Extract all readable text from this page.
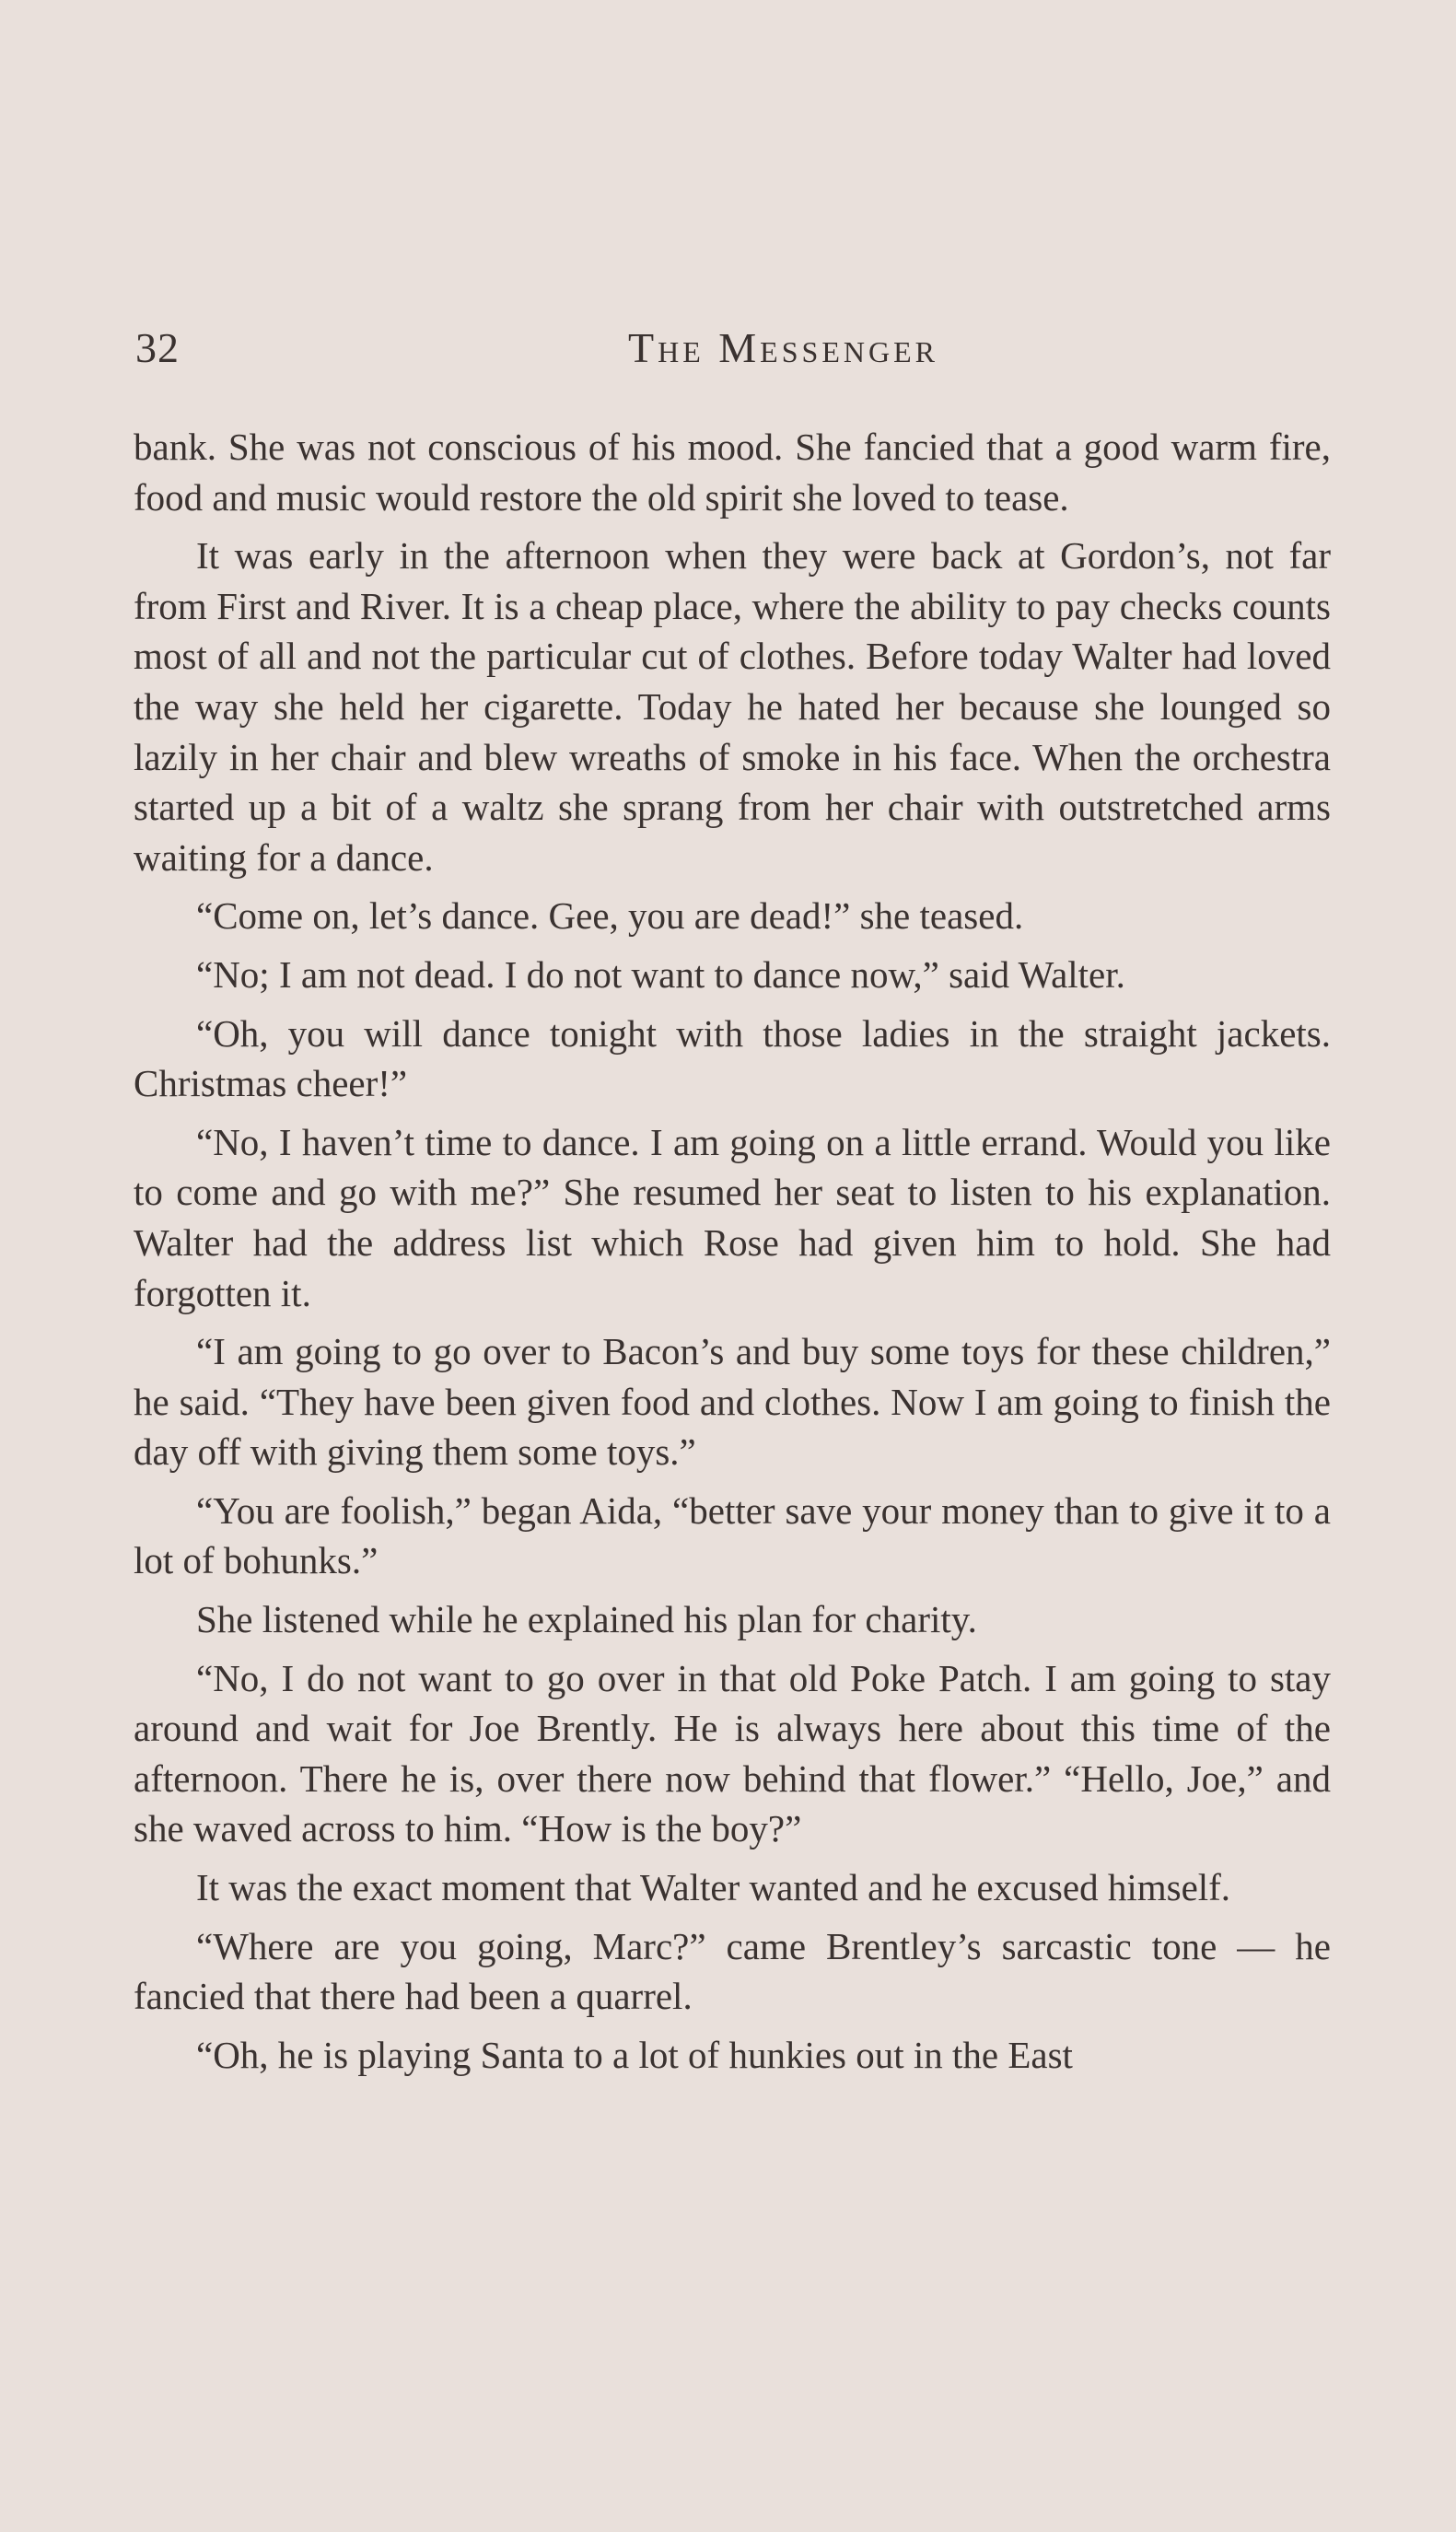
32	The Messenger

bank. She was not conscious of his mood. She fancied that a good warm fire, food and music would restore the old spirit she loved to tease.

It was early in the afternoon when they were back at Gordon’s, not far from First and River. It is a cheap place, where the ability to pay checks counts most of all and not the particular cut of clothes. Before today Walter had loved the way she held her cigarette. Today he hated her because she lounged so lazily in her chair and blew wreaths of smoke in his face. When the orchestra started up a bit of a waltz she sprang from her chair with outstretched arms waiting for a dance.

“Come on, let’s dance. Gee, you are dead!” she teased.

“No; I am not dead. I do not want to dance now,” said Walter.

“Oh, you will dance tonight with those ladies in the straight jackets. Christmas cheer!”

“No, I haven’t time to dance. I am going on a little errand. Would you like to come and go with me?” She resumed her seat to listen to his explanation. Walter had the address list which Rose had given him to hold. She had forgotten it.

“I am going to go over to Bacon’s and buy some toys for these children,” he said. “They have been given food and clothes. Now I am going to finish the day off with giving them some toys.”

“You are foolish,” began Aida, “better save your money than to give it to a lot of bohunks.”

She listened while he explained his plan for charity.

“No, I do not want to go over in that old Poke Patch. I am going to stay around and wait for Joe Brently. He is always here about this time of the afternoon. There he is, over there now behind that flower.” “Hello, Joe,” and she waved across to him. “How is the boy?”

It was the exact moment that Walter wanted and he excused himself.

“Where are you going, Marc?” came Brentley’s sarcastic tone — he fancied that there had been a quarrel.

“Oh, he is playing Santa to a lot of hunkies out in the East
